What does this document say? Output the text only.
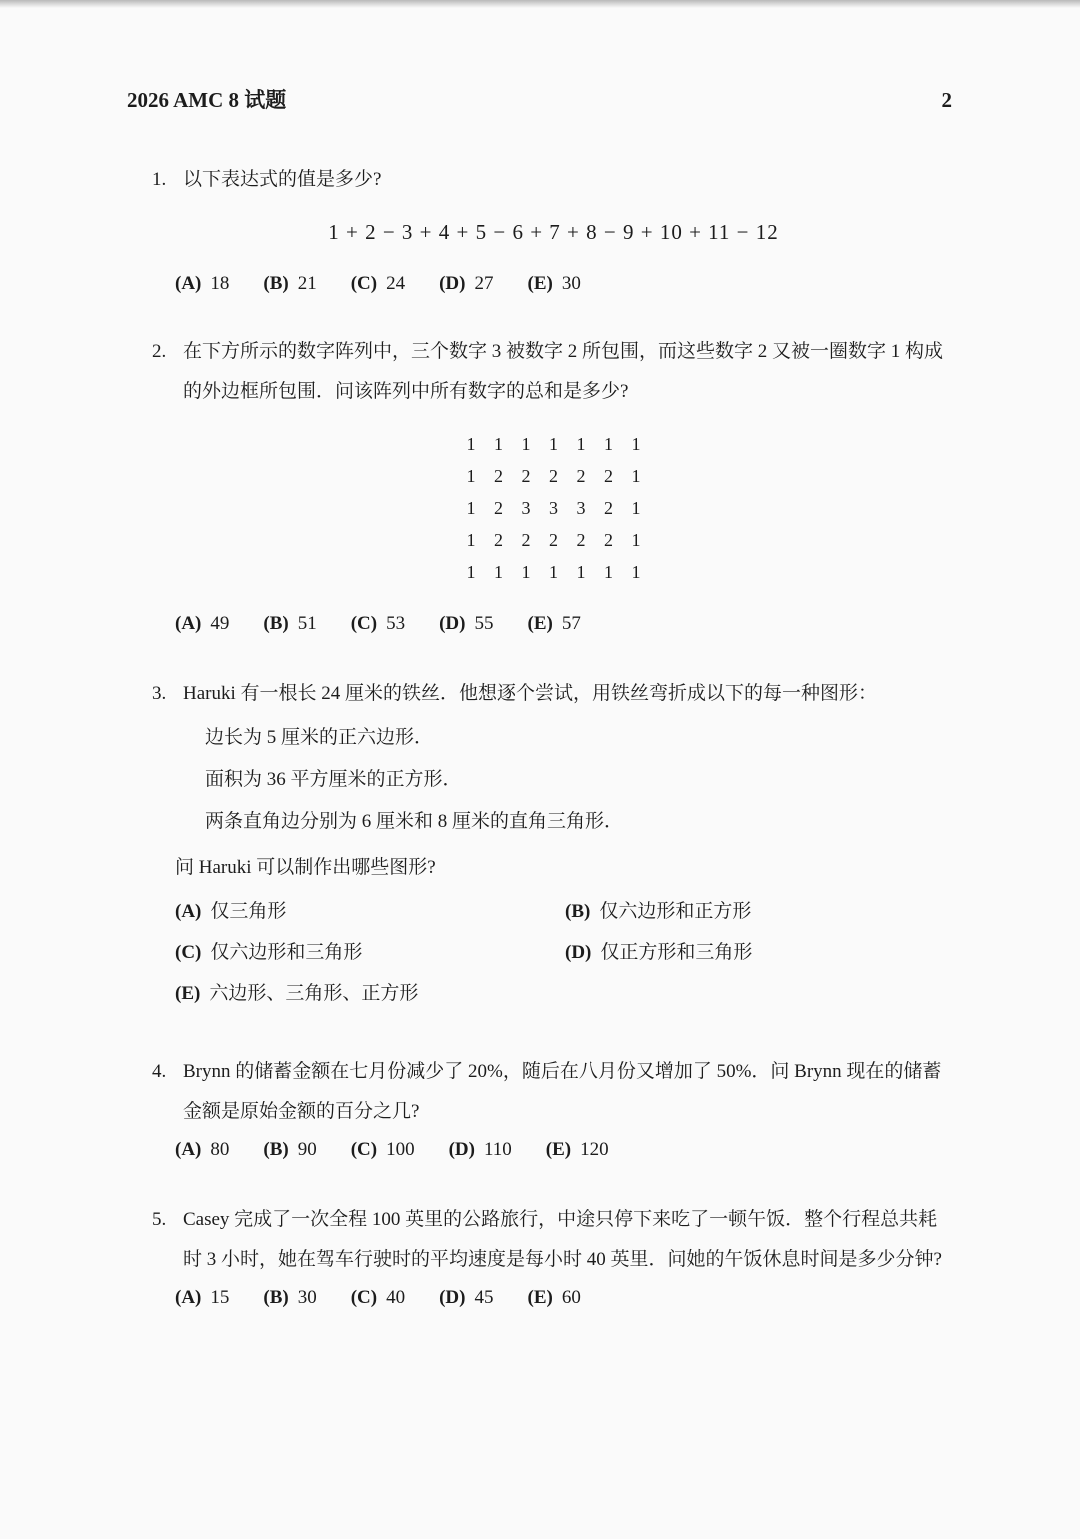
2026 AMC 8 试题	2
1. 以下表达式的值是多少?
1 + 2 − 3 + 4 + 5 − 6 + 7 + 8 − 9 + 10 + 11 − 12
(A) 18 (B) 21 (C) 24 (D) 27 (E) 30
2. 在下方所示的数字阵列中，三个数字 3 被数字 2 所包围，而这些数字 2 又被一圈数字 1 构成的外边框所包围．问该阵列中所有数字的总和是多少?
1 1 1 1 1 1 1
1 2 2 2 2 2 1
1 2 3 3 3 2 1
1 2 2 2 2 2 1
1 1 1 1 1 1 1
(A) 49 (B) 51 (C) 53 (D) 55 (E) 57
3. Haruki 有一根长 24 厘米的铁丝．他想逐个尝试，用铁丝弯折成以下的每一种图形：
边长为 5 厘米的正六边形．
面积为 36 平方厘米的正方形．
两条直角边分别为 6 厘米和 8 厘米的直角三角形．
问 Haruki 可以制作出哪些图形?
(A) 仅三角形	(B) 仅六边形和正方形
(C) 仅六边形和三角形	(D) 仅正方形和三角形
(E) 六边形、三角形、正方形
4. Brynn 的储蓄金额在七月份减少了 20%，随后在八月份又增加了 50%．问 Brynn 现在的储蓄金额是原始金额的百分之几?
(A) 80 (B) 90 (C) 100 (D) 110 (E) 120
5. Casey 完成了一次全程 100 英里的公路旅行，中途只停下来吃了一顿午饭．整个行程总共耗时 3 小时，她在驾车行驶时的平均速度是每小时 40 英里．问她的午饭休息时间是多少分钟?
(A) 15 (B) 30 (C) 40 (D) 45 (E) 60
